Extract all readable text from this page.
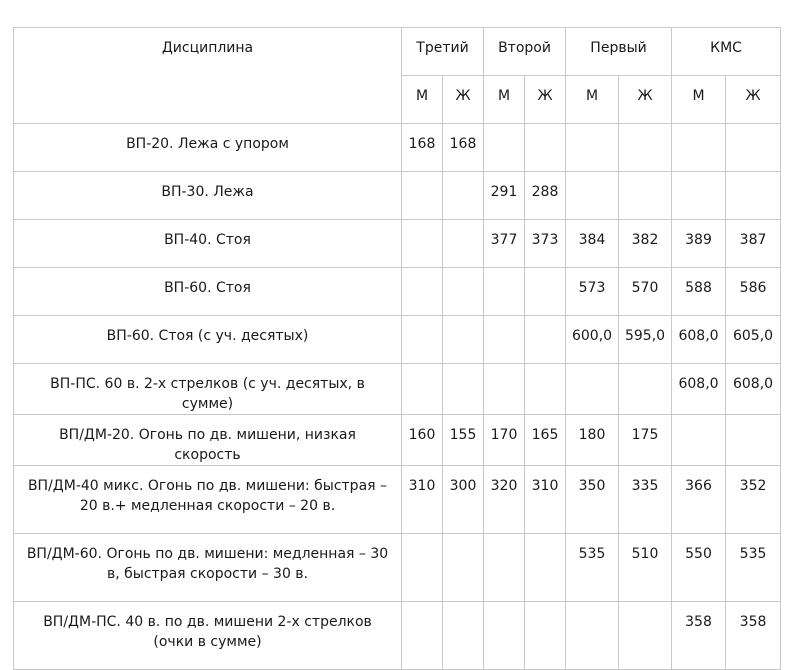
Дисциплина	Третий		Второй		Первый		КМС	
	М	Ж	М	Ж	М	Ж	М	Ж
ВП-20. Лежа с упором	168	168						
ВП-30. Лежа			291	288				
ВП-40. Стоя			377	373	384	382	389	387
ВП-60. Стоя					573	570	588	586
ВП-60. Стоя (с уч. десятых)					600,0	595,0	608,0	605,0
ВП-ПС. 60 в. 2-х стрелков (с уч. десятых, в сумме)							608,0	608,0
ВП/ДМ-20. Огонь по дв. мишени, низкая скорость	160	155	170	165	180	175		
ВП/ДМ-40 микс. Огонь по дв. мишени: быстрая – 20 в.+ медленная скорости – 20 в.	310	300	320	310	350	335	366	352
ВП/ДМ-60. Огонь по дв. мишени: медленная – 30 в, быстрая скорости – 30 в.					535	510	550	535
ВП/ДМ-ПС. 40 в. по дв. мишени 2-х стрелков (очки в сумме)							358	358
